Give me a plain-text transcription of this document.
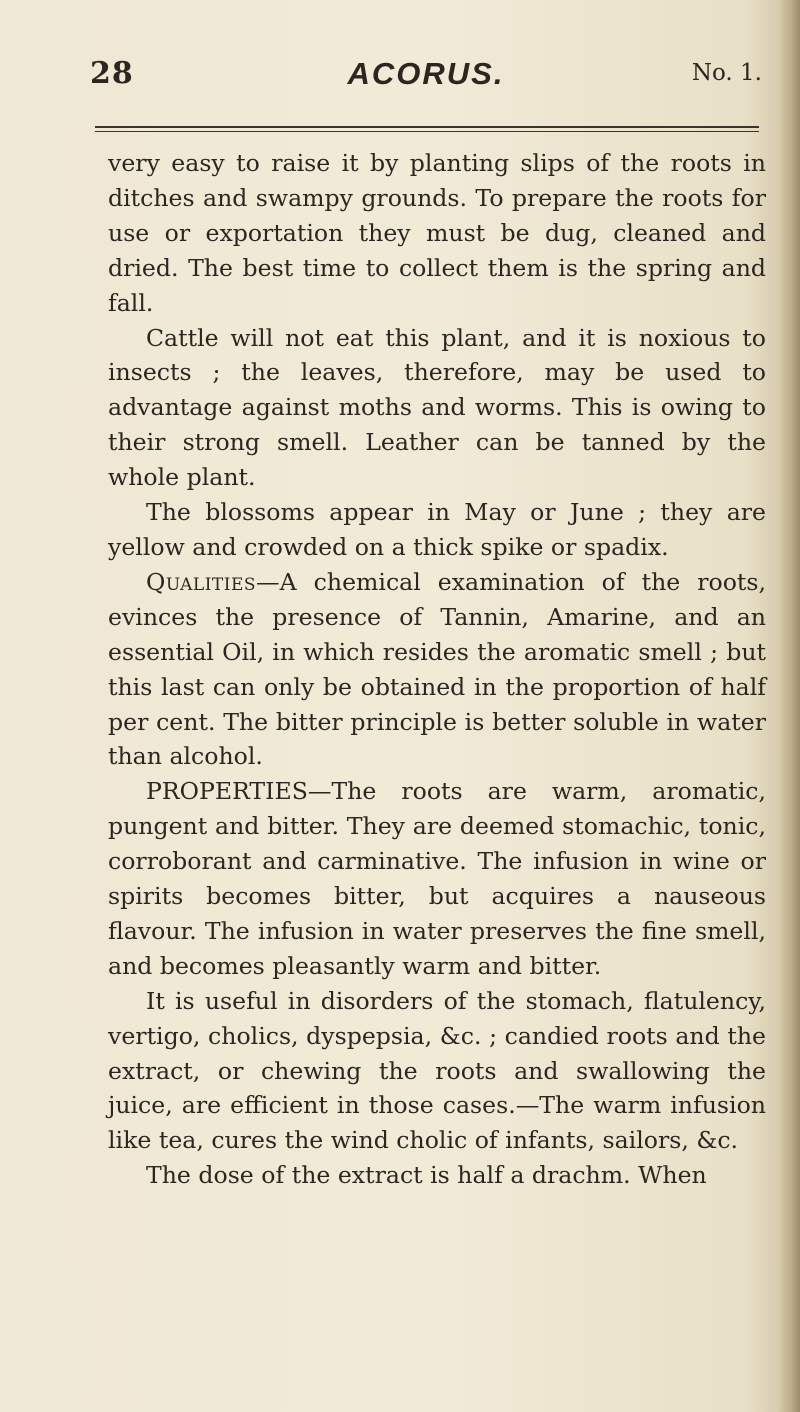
28	ACORUS.	No. 1.

very easy to raise it by planting slips of the roots in ditches and swampy grounds. To prepare the roots for use or exportation they must be dug, cleaned and dried. The best time to collect them is the spring and fall.

Cattle will not eat this plant, and it is noxious to insects ; the leaves, therefore, may be used to advantage against moths and worms. This is owing to their strong smell. Leather can be tanned by the whole plant.

The blossoms appear in May or June ; they are yellow and crowded on a thick spike or spadix.

Qualities—A chemical examination of the roots, evinces the presence of Tannin, Amarine, and an essential Oil, in which resides the aromatic smell ; but this last can only be obtained in the proportion of half per cent. The bitter principle is better soluble in water than alcohol.

PROPERTIES—The roots are warm, aromatic, pungent and bitter. They are deemed stomachic, tonic, corroborant and carminative. The infusion in wine or spirits becomes bitter, but acquires a nauseous flavour. The infusion in water preserves the fine smell, and becomes pleasantly warm and bitter.

It is useful in disorders of the stomach, flatulency, vertigo, cholics, dyspepsia, &c. ; candied roots and the extract, or chewing the roots and swallowing the juice, are efficient in those cases.—The warm infusion like tea, cures the wind cholic of infants, sailors, &c.

The dose of the extract is half a drachm. When
